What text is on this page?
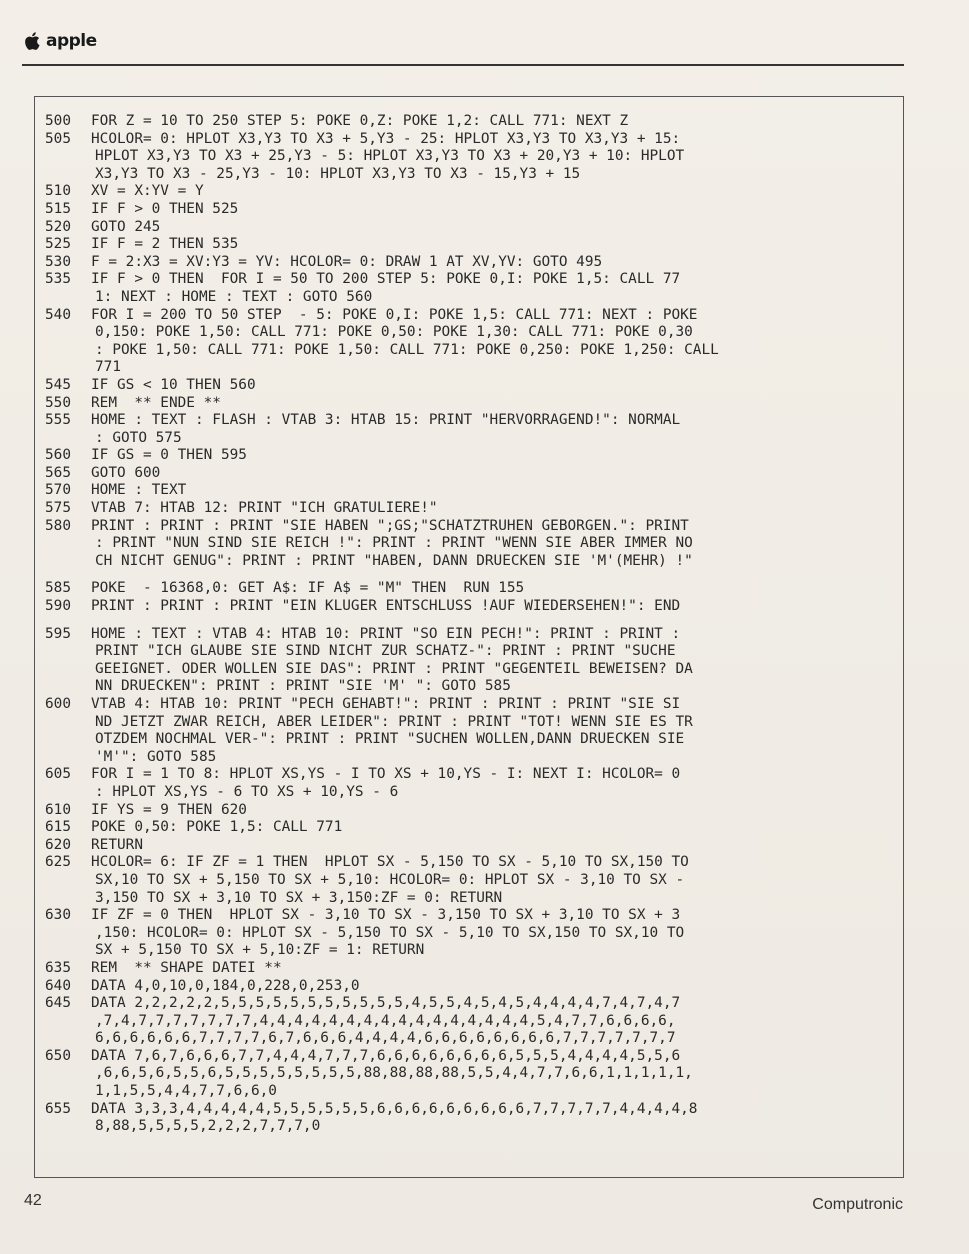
apple
500	FOR Z = 10 TO 250 STEP 5: POKE 0,Z: POKE 1,2: CALL 771: NEXT Z
505	HCOLOR= 0: HPLOT X3,Y3 TO X3 + 5,Y3 - 25: HPLOT X3,Y3 TO X3,Y3 + 15:
HPLOT X3,Y3 TO X3 + 25,Y3 - 5: HPLOT X3,Y3 TO X3 + 20,Y3 + 10: HPLOT
X3,Y3 TO X3 - 25,Y3 - 10: HPLOT X3,Y3 TO X3 - 15,Y3 + 15
510	XV = X:YV = Y
515	IF F > 0 THEN 525
520	GOTO 245
525	IF F = 2 THEN 535
530	F = 2:X3 = XV:Y3 = YV: HCOLOR= 0: DRAW 1 AT XV,YV: GOTO 495
535	IF F > 0 THEN  FOR I = 50 TO 200 STEP 5: POKE 0,I: POKE 1,5: CALL 77
1: NEXT : HOME : TEXT : GOTO 560
540	FOR I = 200 TO 50 STEP  - 5: POKE 0,I: POKE 1,5: CALL 771: NEXT : POKE
0,150: POKE 1,50: CALL 771: POKE 0,50: POKE 1,30: CALL 771: POKE 0,30
: POKE 1,50: CALL 771: POKE 1,50: CALL 771: POKE 0,250: POKE 1,250: CALL
771
545	IF GS < 10 THEN 560
550	REM  ** ENDE **
555	HOME : TEXT : FLASH : VTAB 3: HTAB 15: PRINT "HERVORRAGEND!": NORMAL
: GOTO 575
560	IF GS = 0 THEN 595
565	GOTO 600
570	HOME : TEXT
575	VTAB 7: HTAB 12: PRINT "ICH GRATULIERE!"
580	PRINT : PRINT : PRINT "SIE HABEN ";GS;"SCHATZTRUHEN GEBORGEN.": PRINT
: PRINT "NUN SIND SIE REICH !": PRINT : PRINT "WENN SIE ABER IMMER NO
CH NICHT GENUG": PRINT : PRINT "HABEN, DANN DRUECKEN SIE 'M'(MEHR) !"
585	POKE  - 16368,0: GET A$: IF A$ = "M" THEN  RUN 155
590	PRINT : PRINT : PRINT "EIN KLUGER ENTSCHLUSS !AUF WIEDERSEHEN!": END
595	HOME : TEXT : VTAB 4: HTAB 10: PRINT "SO EIN PECH!": PRINT : PRINT :
PRINT "ICH GLAUBE SIE SIND NICHT ZUR SCHATZ-": PRINT : PRINT "SUCHE
GEEIGNET. ODER WOLLEN SIE DAS": PRINT : PRINT "GEGENTEIL BEWEISEN? DA
NN DRUECKEN": PRINT : PRINT "SIE 'M' ": GOTO 585
600	VTAB 4: HTAB 10: PRINT "PECH GEHABT!": PRINT : PRINT : PRINT "SIE SI
ND JETZT ZWAR REICH, ABER LEIDER": PRINT : PRINT "TOT! WENN SIE ES TR
OTZDEM NOCHMAL VER-": PRINT : PRINT "SUCHEN WOLLEN,DANN DRUECKEN SIE
'M'": GOTO 585
605	FOR I = 1 TO 8: HPLOT XS,YS - I TO XS + 10,YS - I: NEXT I: HCOLOR= 0
: HPLOT XS,YS - 6 TO XS + 10,YS - 6
610	IF YS = 9 THEN 620
615	POKE 0,50: POKE 1,5: CALL 771
620	RETURN
625	HCOLOR= 6: IF ZF = 1 THEN  HPLOT SX - 5,150 TO SX - 5,10 TO SX,150 TO
SX,10 TO SX + 5,150 TO SX + 5,10: HCOLOR= 0: HPLOT SX - 3,10 TO SX -
3,150 TO SX + 3,10 TO SX + 3,150:ZF = 0: RETURN
630	IF ZF = 0 THEN  HPLOT SX - 3,10 TO SX - 3,150 TO SX + 3,10 TO SX + 3
,150: HCOLOR= 0: HPLOT SX - 5,150 TO SX - 5,10 TO SX,150 TO SX,10 TO
SX + 5,150 TO SX + 5,10:ZF = 1: RETURN
635	REM  ** SHAPE DATEI **
640	DATA 4,0,10,0,184,0,228,0,253,0
645	DATA 2,2,2,2,2,5,5,5,5,5,5,5,5,5,5,5,4,5,5,4,5,4,5,4,4,4,4,7,4,7,4,7
,7,4,7,7,7,7,7,7,7,4,4,4,4,4,4,4,4,4,4,4,4,4,4,4,4,5,4,7,7,6,6,6,6,
6,6,6,6,6,6,7,7,7,7,6,7,6,6,6,4,4,4,4,6,6,6,6,6,6,6,6,7,7,7,7,7,7,7
650	DATA 7,6,7,6,6,6,7,7,4,4,4,7,7,7,6,6,6,6,6,6,6,6,5,5,5,4,4,4,4,5,5,6
,6,6,5,6,5,5,6,5,5,5,5,5,5,5,5,88,88,88,88,5,5,4,4,7,7,6,6,1,1,1,1,1,
1,1,5,5,4,4,7,7,6,6,0
655	DATA 3,3,3,4,4,4,4,4,5,5,5,5,5,5,6,6,6,6,6,6,6,6,6,7,7,7,7,7,4,4,4,4,8
8,88,5,5,5,5,2,2,2,7,7,7,0
42	Computronic
